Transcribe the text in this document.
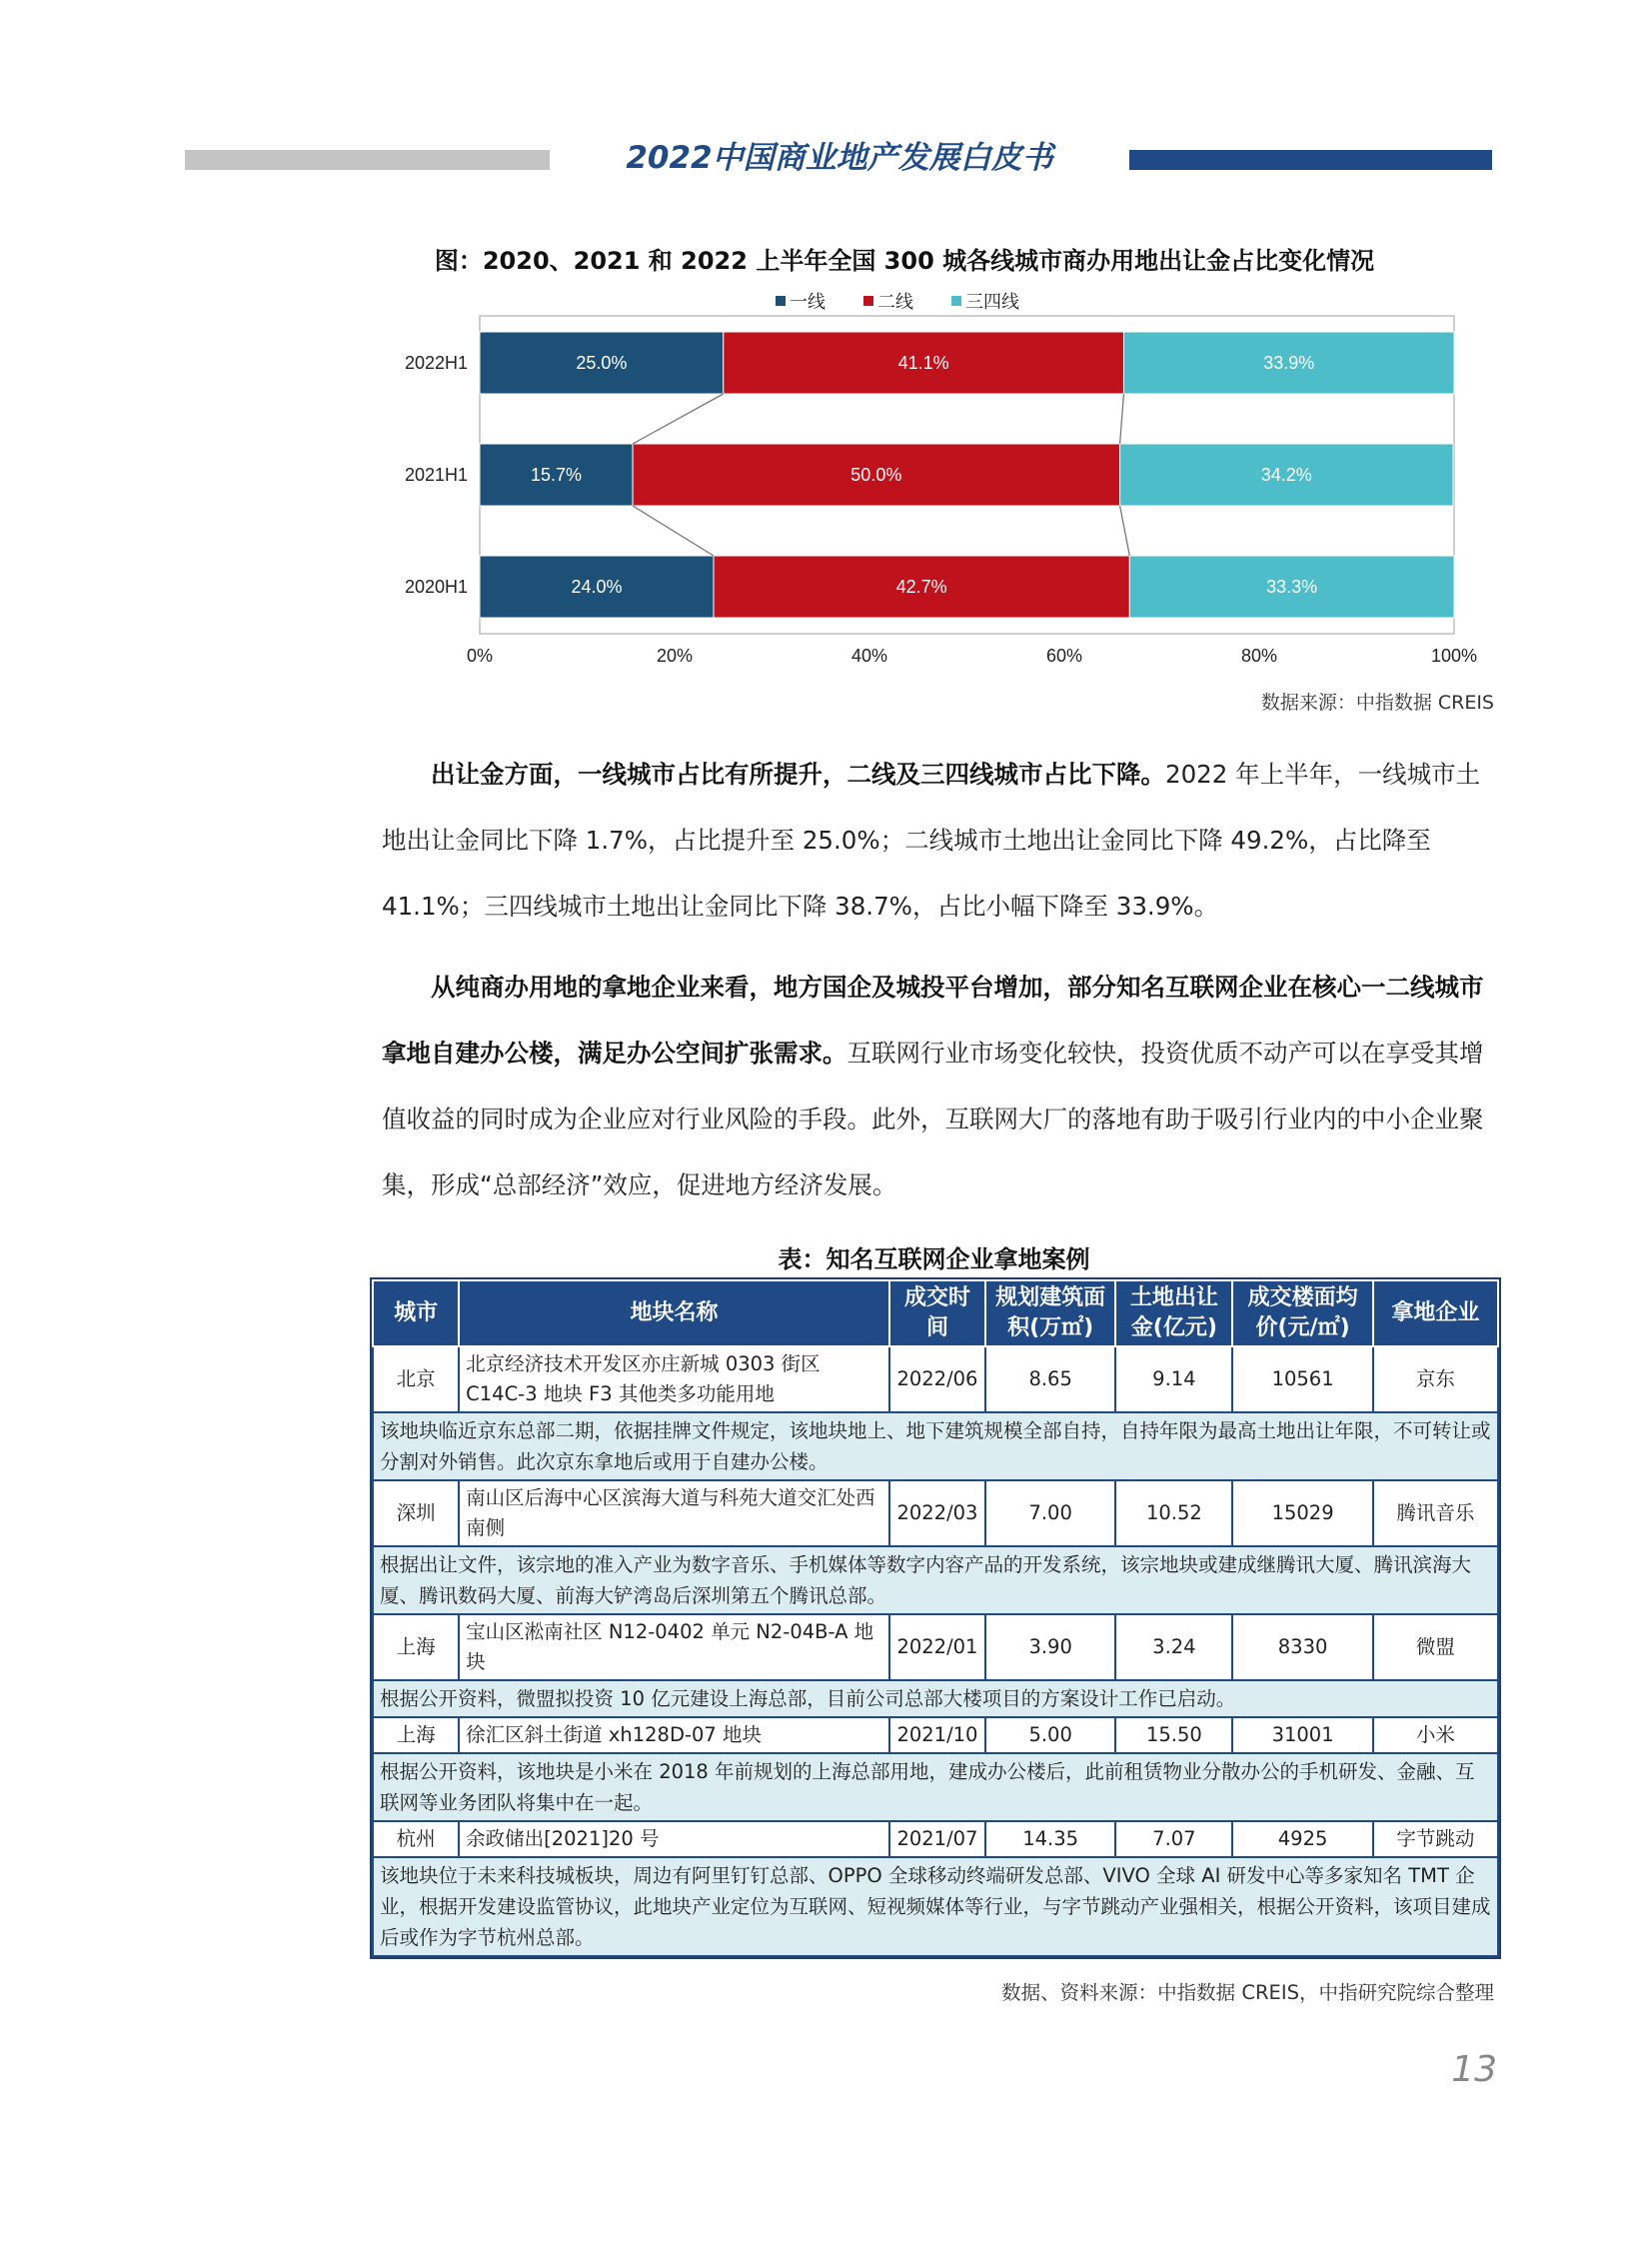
2022中国商业地产发展白皮书
图：2020、2021 和 2022 上半年全国 300 城各线城市商办用地出让金占比变化情况
一线	二线	三四线
2022H1	25.0%	41.1%	33.9%
2021H1	15.7%	50.0%	34.2%
2020H1	24.0%	42.7%	33.3%
0%	20%	40%	60%	80%	100%
数据来源：中指数据 CREIS
出让金方面，一线城市占比有所提升，二线及三四线城市占比下降。2022 年上半年，一线城市土地出让金同比下降 1.7%，占比提升至 25.0%；二线城市土地出让金同比下降 49.2%，占比降至 41.1%；三四线城市土地出让金同比下降 38.7%，占比小幅下降至 33.9%。
从纯商办用地的拿地企业来看，地方国企及城投平台增加，部分知名互联网企业在核心一二线城市拿地自建办公楼，满足办公空间扩张需求。互联网行业市场变化较快，投资优质不动产可以在享受其增值收益的同时成为企业应对行业风险的手段。此外，互联网大厂的落地有助于吸引行业内的中小企业聚集，形成“总部经济”效应，促进地方经济发展。
表：知名互联网企业拿地案例
城市	地块名称	成交时间	规划建筑面积(万㎡)	土地出让金(亿元)	成交楼面均价(元/㎡)	拿地企业
北京	北京经济技术开发区亦庄新城 0303 街区 C14C-3 地块 F3 其他类多功能用地	2022/06	8.65	9.14	10561	京东
该地块临近京东总部二期，依据挂牌文件规定，该地块地上、地下建筑规模全部自持，自持年限为最高土地出让年限，不可转让或分割对外销售。此次京东拿地后或用于自建办公楼。						
深圳	南山区后海中心区滨海大道与科苑大道交汇处西南侧	2022/03	7.00	10.52	15029	腾讯音乐
根据出让文件，该宗地的准入产业为数字音乐、手机媒体等数字内容产品的开发系统，该宗地块或建成继腾讯大厦、腾讯滨海大厦、腾讯数码大厦、前海大铲湾岛后深圳第五个腾讯总部。						
上海	宝山区淞南社区 N12-0402 单元 N2-04B-A 地块	2022/01	3.90	3.24	8330	微盟
根据公开资料，微盟拟投资 10 亿元建设上海总部，目前公司总部大楼项目的方案设计工作已启动。						
上海	徐汇区斜土街道 xh128D-07 地块	2021/10	5.00	15.50	31001	小米
根据公开资料，该地块是小米在 2018 年前规划的上海总部用地，建成办公楼后，此前租赁物业分散办公的手机研发、金融、互联网等业务团队将集中在一起。						
杭州	余政储出[2021]20 号	2021/07	14.35	7.07	4925	字节跳动
该地块位于未来科技城板块，周边有阿里钉钉总部、OPPO 全球移动终端研发总部、VIVO 全球 AI 研发中心等多家知名 TMT 企业，根据开发建设监管协议，此地块产业定位为互联网、短视频媒体等行业，与字节跳动产业强相关，根据公开资料，该项目建成后或作为字节杭州总部。						
数据、资料来源：中指数据 CREIS，中指研究院综合整理
13
